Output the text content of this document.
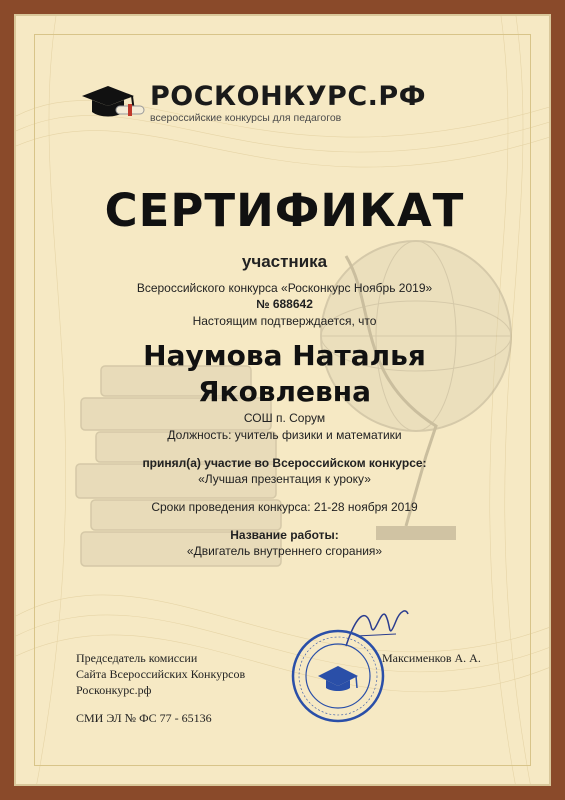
РОСКОНКУРС.РФ
всероссийские конкурсы для педагогов
СЕРТИФИКАТ
участника
Всероссийского конкурса «Росконкурс Ноябрь 2019»
№ 688642
Настоящим подтверждается, что
Наумова Наталья
Яковлевна
СОШ п. Сорум
Должность: учитель физики и математики
принял(а) участие во Всероссийском конкурсе:
«Лучшая презентация к уроку»
Сроки проведения конкурса: 21-28 ноября 2019
Название работы:
«Двигатель внутреннего сгорания»
Председатель комиссии
Сайта Всероссийских Конкурсов
Росконкурс.рф
СМИ ЭЛ № ФС 77 - 65136
Максименков А. А.
